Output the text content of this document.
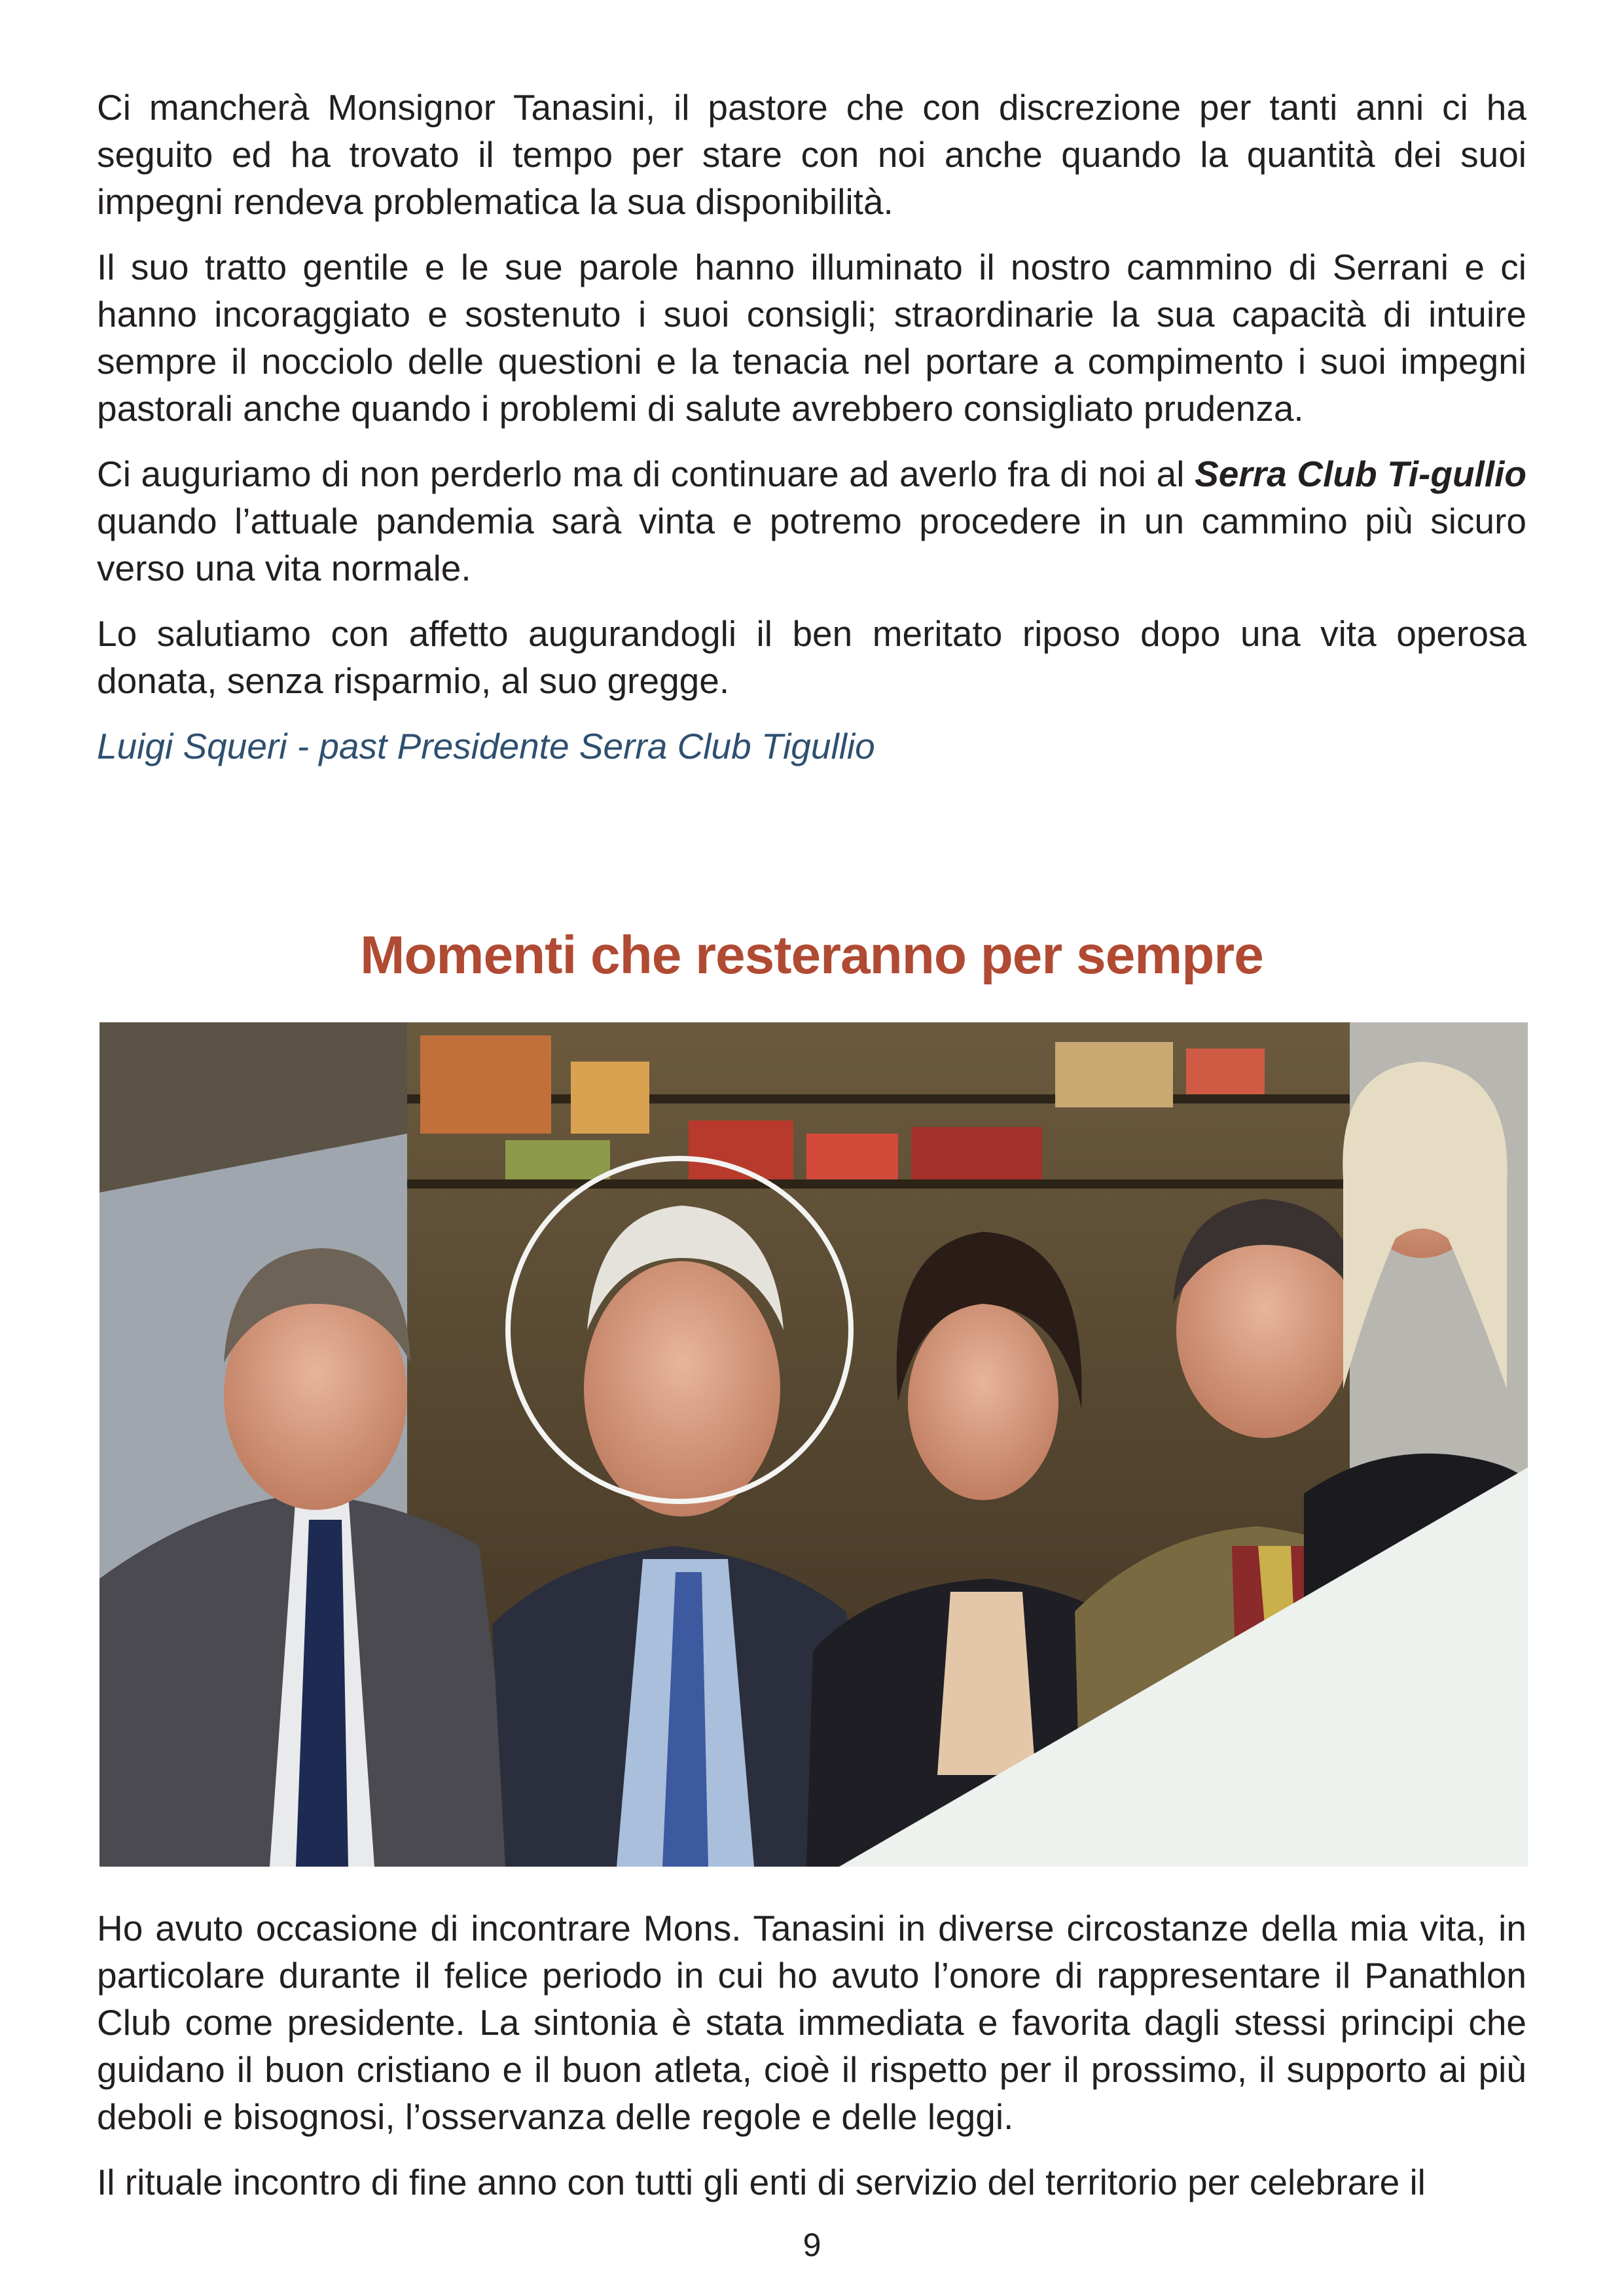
Ci mancherà Monsignor Tanasini, il pastore che con discrezione per tanti anni ci ha seguito ed ha trovato il tempo per stare con noi anche quando la quantità dei suoi impegni rendeva problematica la sua disponibilità.

Il suo tratto gentile e le sue parole hanno illuminato il nostro cammino di Serrani e ci hanno incoraggiato e sostenuto i suoi consigli; straordinarie la sua capacità di intuire sempre il nocciolo delle questioni e la tenacia nel portare a compimento i suoi impegni pastorali anche quando i problemi di salute avrebbero consigliato prudenza.

Ci auguriamo di non perderlo ma di continuare ad averlo fra di noi al Serra Club Ti-gullio quando l’attuale pandemia sarà vinta e potremo procedere in un cammino più sicuro verso una vita normale.

Lo salutiamo con affetto augurandogli il ben meritato riposo dopo una vita operosa donata, senza risparmio, al suo gregge.

Luigi Squeri - past Presidente Serra Club Tigullio

Momenti che resteranno per sempre

Ho avuto occasione di incontrare Mons. Tanasini in diverse circostanze della mia vita, in particolare durante il felice periodo in cui ho avuto l’onore di rappresentare il Panathlon Club come presidente. La sintonia è stata immediata e favorita dagli stessi principi che guidano il buon cristiano e il buon atleta, cioè il rispetto per il prossimo, il supporto ai più deboli e bisognosi, l’osservanza delle regole e delle leggi.

Il rituale incontro di fine anno con tutti gli enti di servizio del territorio per celebrare il

9
